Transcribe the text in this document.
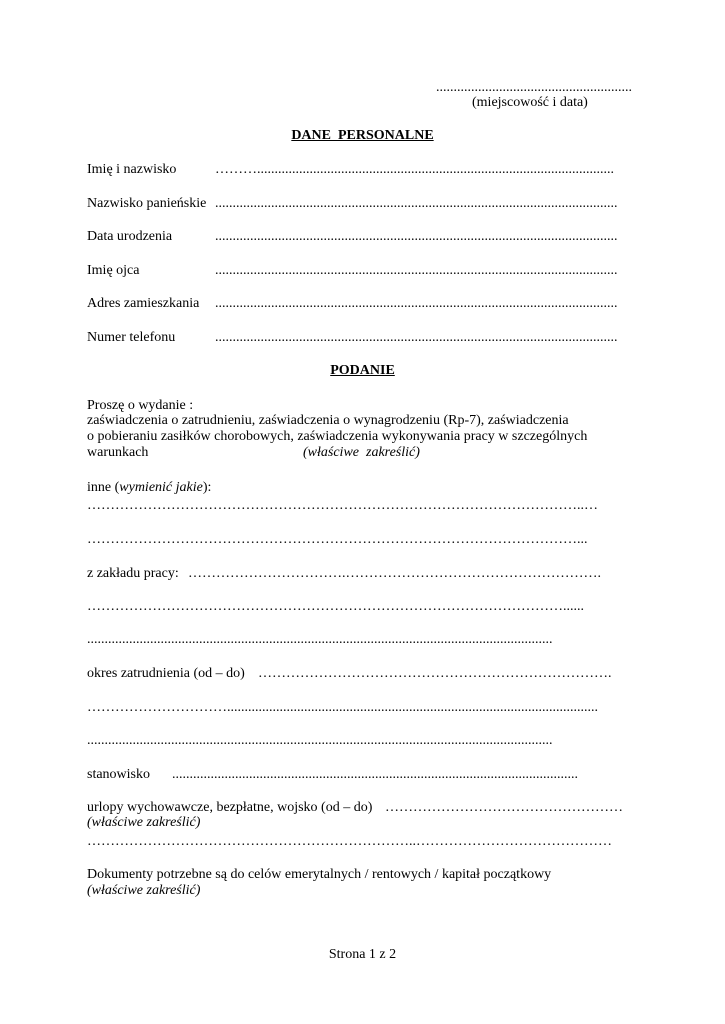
........................................................
(miejscowość i data)
DANE  PERSONALNE
Imię i nazwisko	………......................................................................................................
Nazwisko panieńskie ...................................................................................................................
Data urodzenia	...................................................................................................................
Imię ojca	...................................................................................................................
Adres zamieszkania ...................................................................................................................
Numer telefonu	...................................................................................................................
PODANIE
Proszę o wydanie :
zaświadczenia o zatrudnieniu, zaświadczenia o wynagrodzeniu (Rp-7), zaświadczenia
o pobieraniu zasiłków chorobowych, zaświadczenia wykonywania pracy w szczególnych
warunkach	(właściwe  zakreślić)
inne (wymienić jakie):
……………………………………………………………………………………………..…
……………………………………………………………………………………………...
z zakładu pracy: …………………………….……………………………………………….
…………………………………………………………………………………………......
.....................................................................................................................................
okres zatrudnienia (od – do) ………………………………………………………………….
…………………………..........................................................................................................
.....................................................................................................................................
stanowisko ....................................................................................................................
urlopy wychowawcze, bezpłatne, wojsko (od – do) ……………………………………………
(właściwe zakreślić)
……………………………………………………………..……………………………………
Dokumenty potrzebne są do celów emerytalnych / rentowych / kapitał początkowy
(właściwe zakreślić)
Strona 1 z 2
